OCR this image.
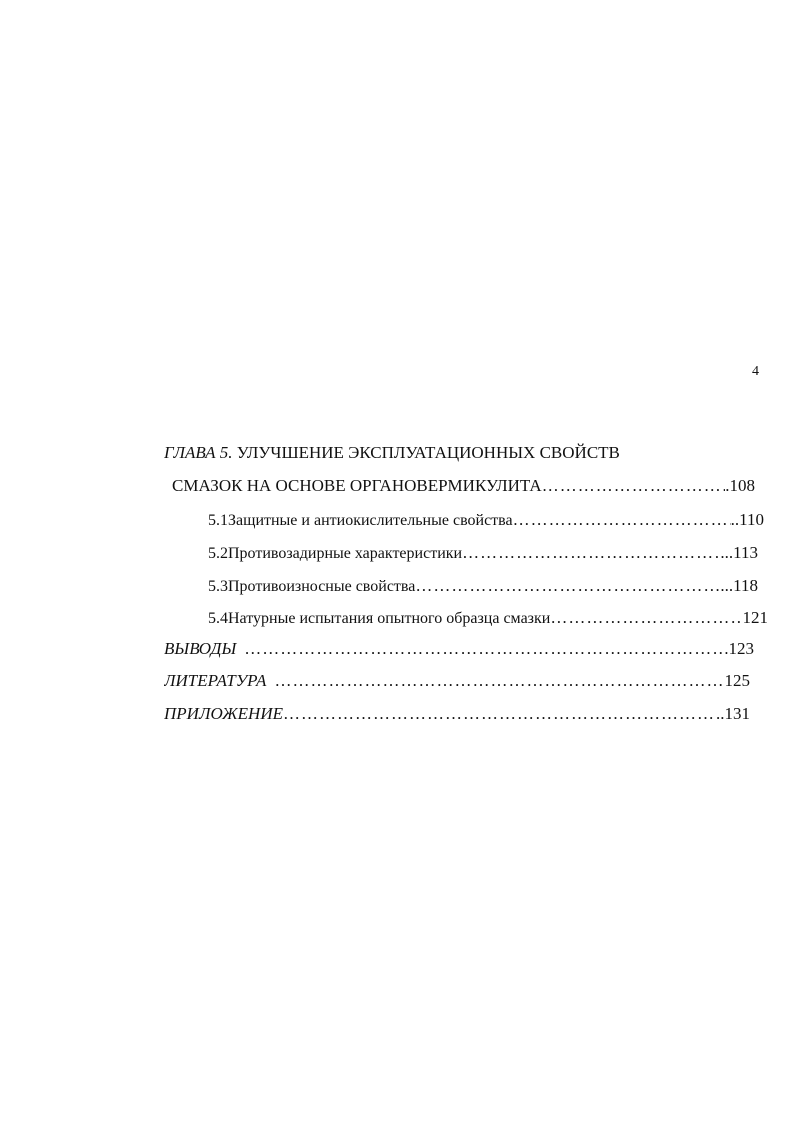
4
ГЛАВА 5.
УЛУЧШЕНИЕ ЭКСПЛУАТАЦИОННЫХ СВОЙСТВ
СМАЗОК НА ОСНОВЕ ОРГАНОВЕРМИКУЛИТА ……………………………………………………………………………………………………………………………………………………………………	.108
5.1 Защитные и антиокислительные свойства ……………………………………………………………………………………………………………………………………………………………………	..110
5.2 Противозадирные характеристики ……………………………………………………………………………………………………………………………………………………………………	...113
5.3 Противоизносные свойства ……………………………………………………………………………………………………………………………………………………………………	...118
5.4 Натурные испытания опытного образца смазки ……………………………………………………………………………………………………………………………………………………………………	121
ВЫВОДЫ ……………………………………………………………………………………………………………………………………………………………………	123
ЛИТЕРАТУРА ……………………………………………………………………………………………………………………………………………………………………	125
ПРИЛОЖЕНИЕ ……………………………………………………………………………………………………………………………………………………………………	..131
